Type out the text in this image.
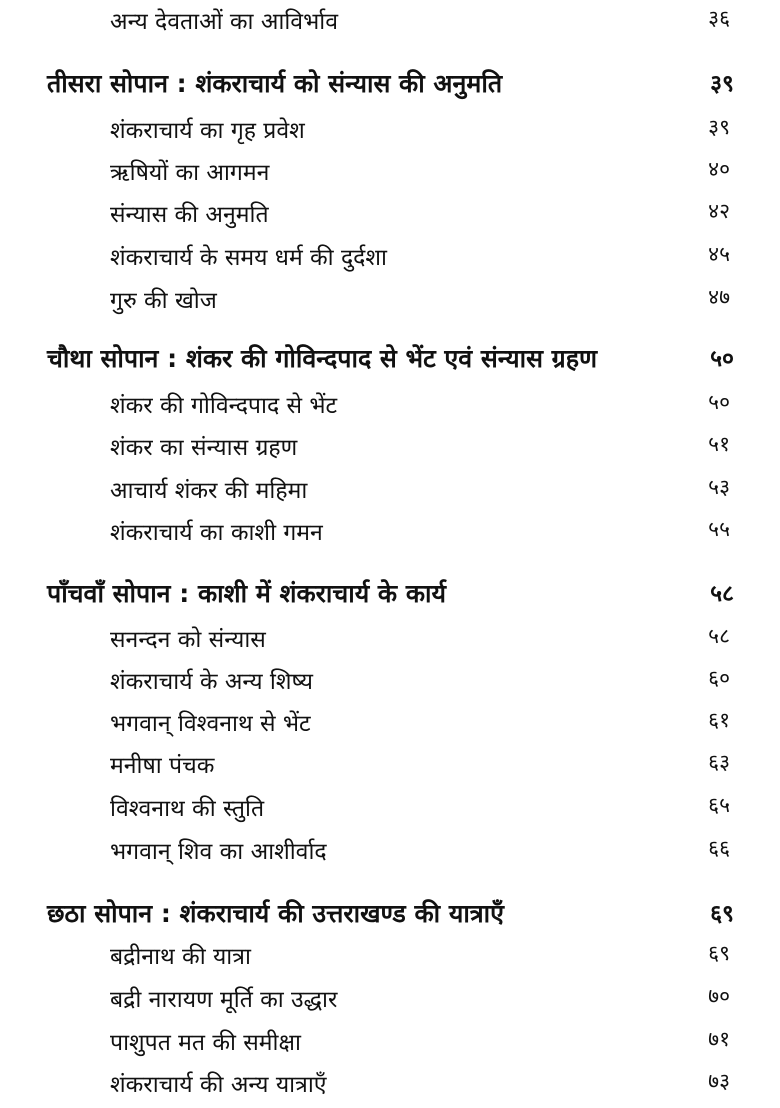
अन्य देवताओं का आविर्भाव	३६
तीसरा सोपान : शंकराचार्य को संन्यास की अनुमति	३९
शंकराचार्य का गृह प्रवेश	३९
ऋषियों का आगमन	४०
संन्यास की अनुमति	४२
शंकराचार्य के समय धर्म की दुर्दशा	४५
गुरु की खोज	४७
चौथा सोपान : शंकर की गोविन्दपाद से भेंट एवं संन्यास ग्रहण	५०
शंकर की गोविन्दपाद से भेंट	५०
शंकर का संन्यास ग्रहण	५१
आचार्य शंकर की महिमा	५३
शंकराचार्य का काशी गमन	५५
पाँचवाँ सोपान : काशी में शंकराचार्य के कार्य	५८
सनन्दन को संन्यास	५८
शंकराचार्य के अन्य शिष्य	६०
भगवान् विश्वनाथ से भेंट	६१
मनीषा पंचक	६३
विश्वनाथ की स्तुति	६५
भगवान् शिव का आशीर्वाद	६६
छठा सोपान : शंकराचार्य की उत्तराखण्ड की यात्राएँ	६९
बद्रीनाथ की यात्रा	६९
बद्री नारायण मूर्ति का उद्धार	७०
पाशुपत मत की समीक्षा	७१
शंकराचार्य की अन्य यात्राएँ	७३
